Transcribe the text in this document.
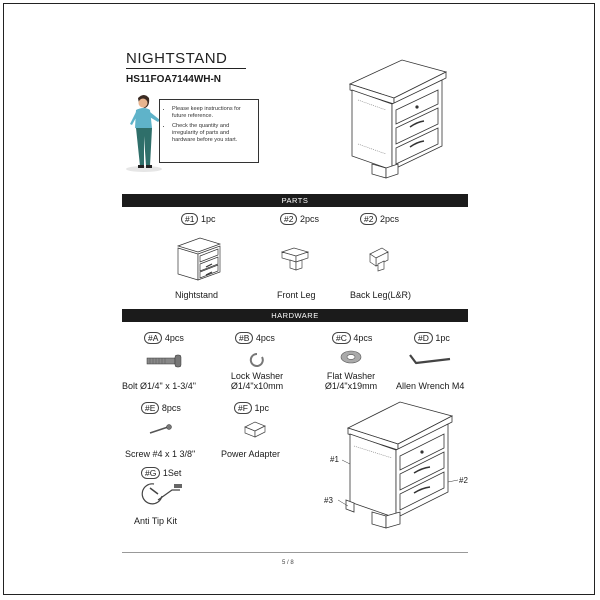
NIGHTSTAND
HS11FOA7144WH-N
• Please keep instructions for future reference.
• Check the quantity and irregularity of parts and hardware before you start.
PARTS
#1 1pc	#2 2pcs	#2 2pcs
Nightstand	Front Leg	Back Leg(L&R)
HARDWARE
#A 4pcs	#B 4pcs	#C 4pcs	#D 1pc
Bolt Ø1/4" x 1-3/4"
Lock Washer
Ø1/4"x10mm
Flat Washer
Ø1/4"x19mm	Allen Wrench M4
#E 8pcs	#F 1pc
Screw #4 x 1 3/8"	Power Adapter
#G 1Set
Anti Tip Kit
#1
#2
#3
5 / 8
